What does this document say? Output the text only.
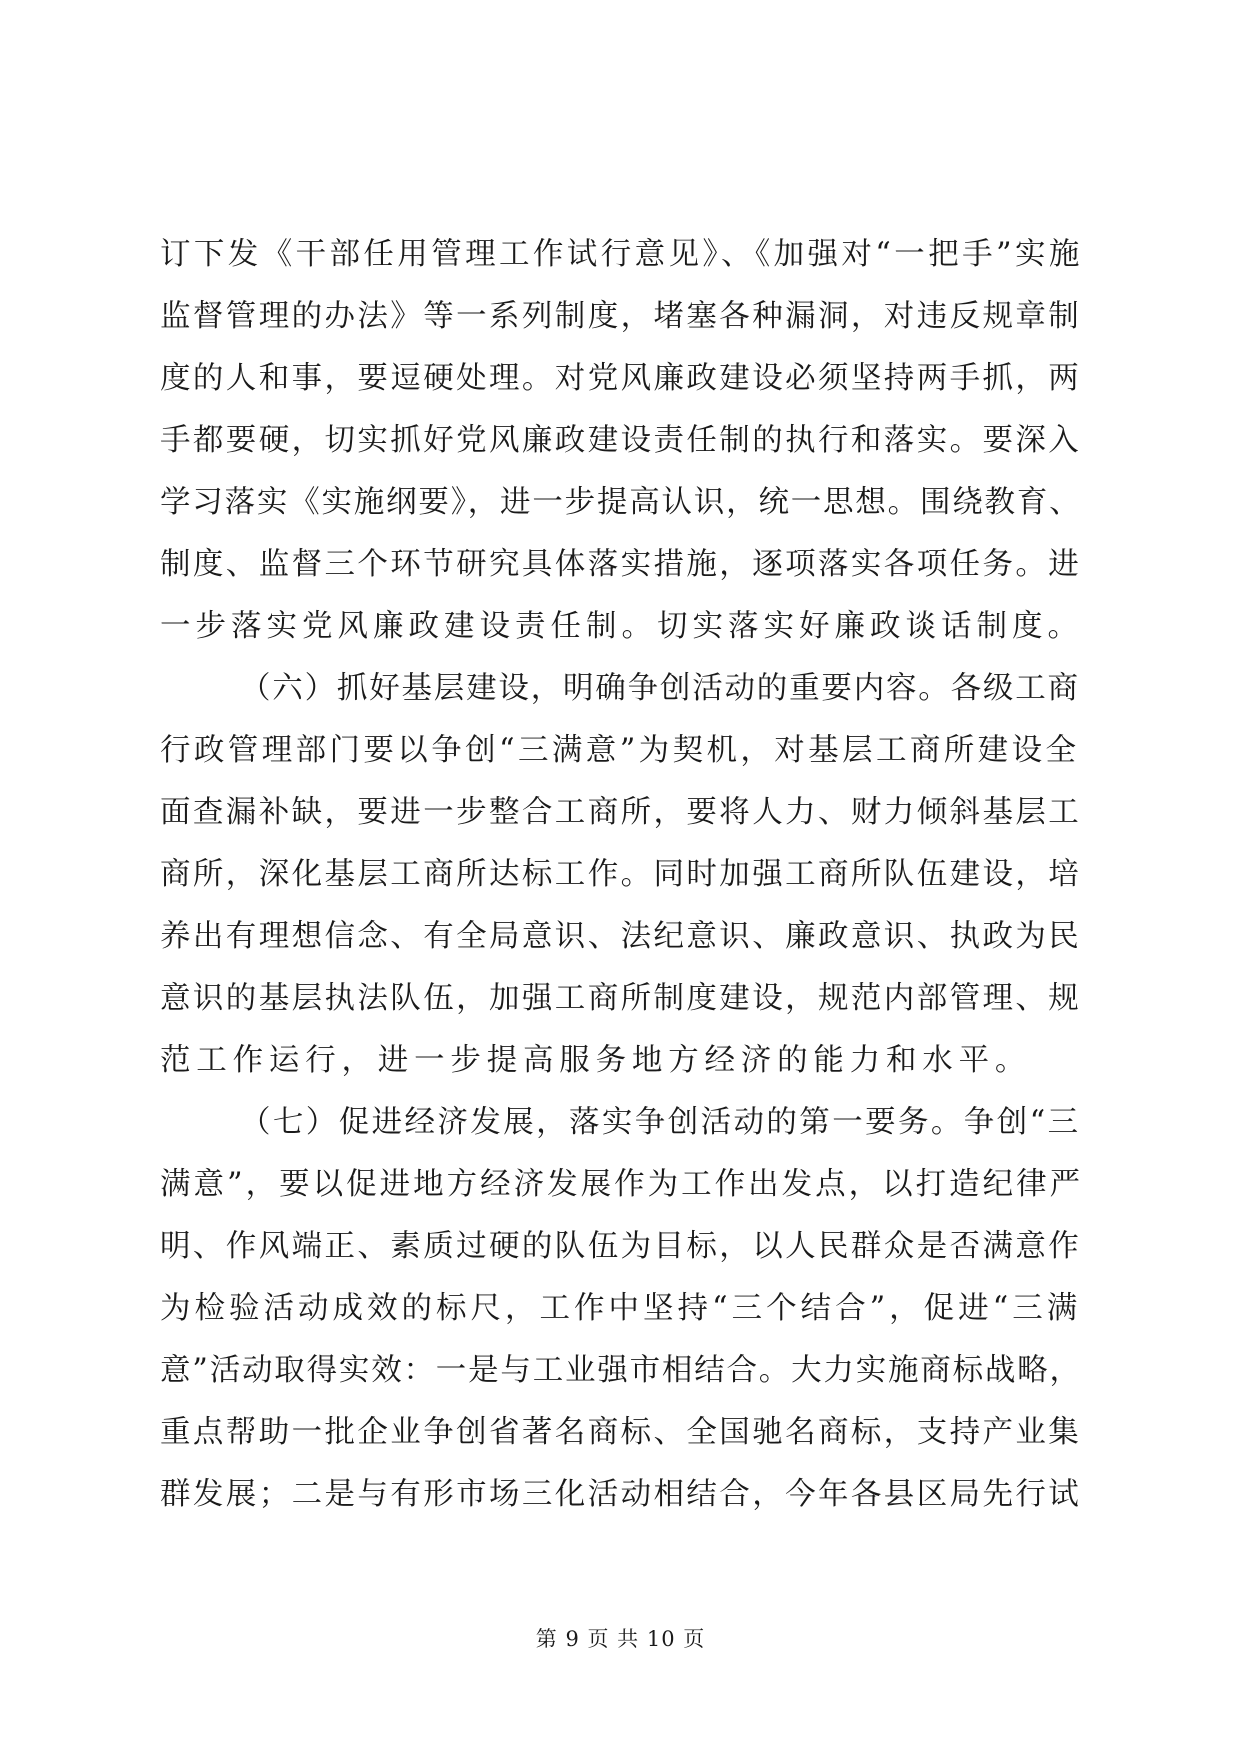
订下发《干部任用管理工作试行意见》、《加强对“一把手”实施
监督管理的办法》等一系列制度，堵塞各种漏洞，对违反规章制
度的人和事，要逗硬处理。对党风廉政建设必须坚持两手抓，两
手都要硬，切实抓好党风廉政建设责任制的执行和落实。要深入
学习落实《实施纲要》，进一步提高认识，统一思想。围绕教育、
制度、监督三个环节研究具体落实措施，逐项落实各项任务。进
一步落实党风廉政建设责任制。切实落实好廉政谈话制度。
（六）抓好基层建设，明确争创活动的重要内容。各级工商
行政管理部门要以争创“三满意”为契机，对基层工商所建设全
面查漏补缺，要进一步整合工商所，要将人力、财力倾斜基层工
商所，深化基层工商所达标工作。同时加强工商所队伍建设，培
养出有理想信念、有全局意识、法纪意识、廉政意识、执政为民
意识的基层执法队伍，加强工商所制度建设，规范内部管理、规
范工作运行，进一步提高服务地方经济的能力和水平。
（七）促进经济发展，落实争创活动的第一要务。争创“三
满意”，要以促进地方经济发展作为工作出发点，以打造纪律严
明、作风端正、素质过硬的队伍为目标，以人民群众是否满意作
为检验活动成效的标尺，工作中坚持“三个结合”，促进“三满
意”活动取得实效：一是与工业强市相结合。大力实施商标战略，
重点帮助一批企业争创省著名商标、全国驰名商标，支持产业集
群发展；二是与有形市场三化活动相结合，今年各县区局先行试
第 9 页 共 10 页
